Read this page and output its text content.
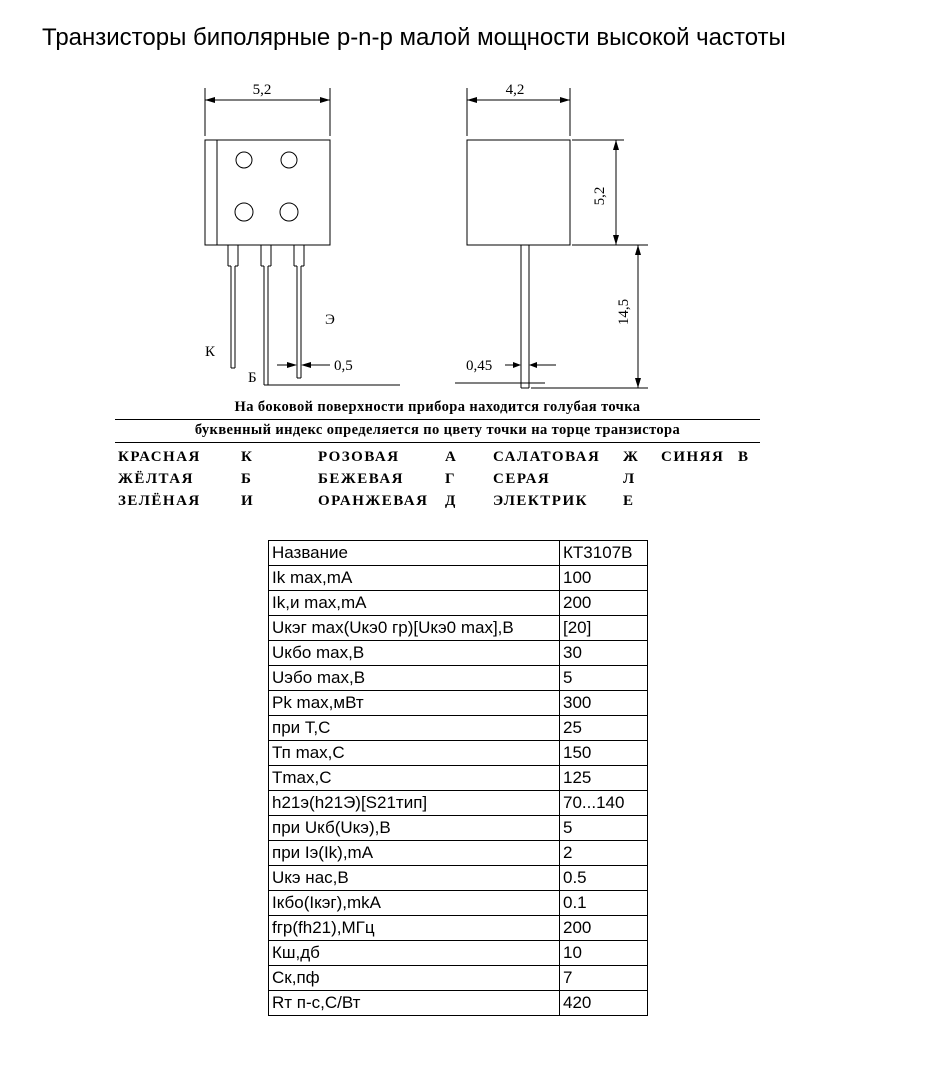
Транзисторы биполярные p-n-p малой мощности высокой частоты
5,2
К
Б
Э
0,5
4,2
5,2
14,5
0,45
На боковой поверхности прибора находится голубая точка
буквенный индекс определяется по цвету точки на торце транзистора
КРАСНАЯ	К	РОЗОВАЯ	А	САЛАТОВАЯ	Ж	СИНЯЯ В
ЖЁЛТАЯ	Б	БЕЖЕВАЯ	Г	СЕРАЯ	Л
ЗЕЛЁНАЯ	И	ОРАНЖЕВАЯ	Д	ЭЛЕКТРИК	Е
Название	КТ3107В
Ik max,mA	100
Ik,и max,mA	200
Uкэг max(Uкэ0 гр)[Uкэ0 max],B	[20]
Uкбо max,B	30
Uэбо max,B	5
Pk max,мВт	300
при Т,С	25
Тп max,С	150
Tmax,С	125
h21э(h21Э)[S21тип]	70...140
при Uкб(Uкэ),B	5
при Iэ(Ik),mA	2
Uкэ нас,B	0.5
Iкбо(Iкэг),mkA	0.1
fгр(fh21),МГц	200
Кш,дб	10
Ск,пф	7
Rт п-с,С/Вт	420
